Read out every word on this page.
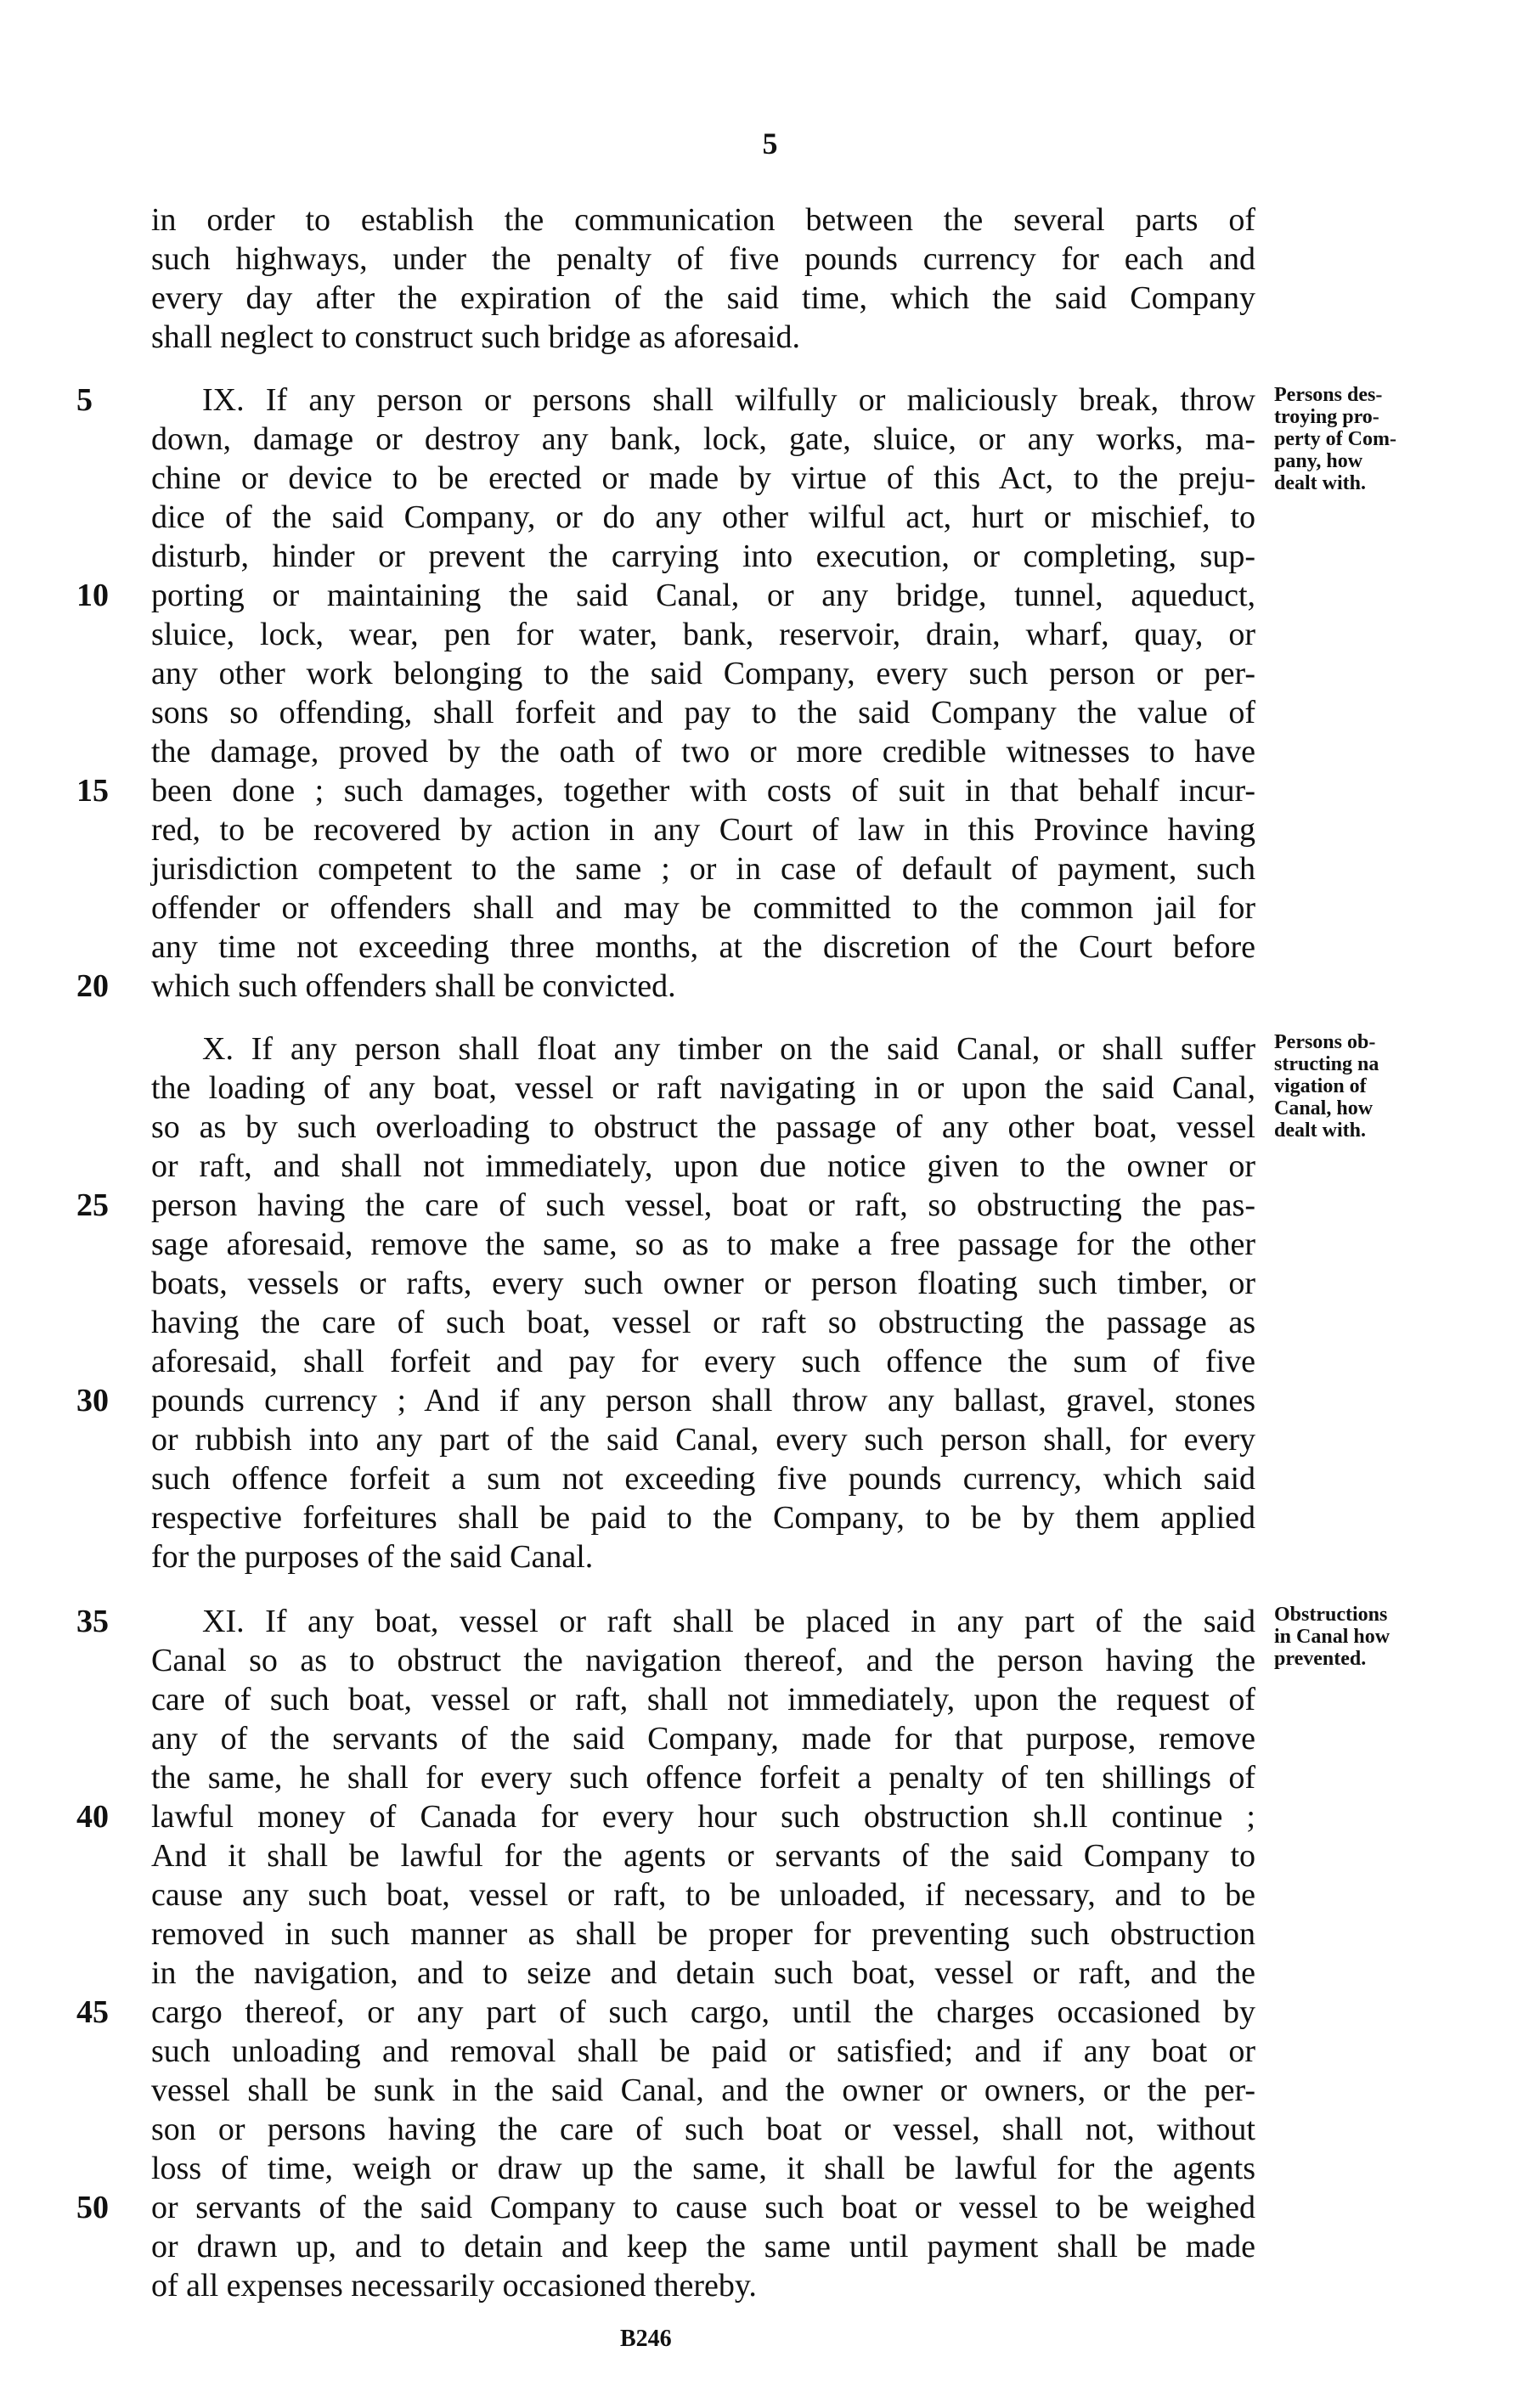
5
in order to establish the communication between the several parts of
such highways, under the penalty of five pounds currency for each and
every day after the expiration of the said time, which the said Company
shall neglect to construct such bridge as aforesaid.
5	IX. If any person or persons shall wilfully or maliciously break, throw
down, damage or destroy any bank, lock, gate, sluice, or any works, ma-
chine or device to be erected or made by virtue of this Act, to the preju-
dice of the said Company, or do any other wilful act, hurt or mischief, to
disturb, hinder or prevent the carrying into execution, or completing, sup-
10	porting or maintaining the said Canal, or any bridge, tunnel, aqueduct,
sluice, lock, wear, pen for water, bank, reservoir, drain, wharf, quay, or
any other work belonging to the said Company, every such person or per-
sons so offending, shall forfeit and pay to the said Company the value of
the damage, proved by the oath of two or more credible witnesses to have
15	been done ; such damages, together with costs of suit in that behalf incur-
red, to be recovered by action in any Court of law in this Province having
jurisdiction competent to the same ; or in case of default of payment, such
offender or offenders shall and may be committed to the common jail for
any time not exceeding three months, at the discretion of the Court before
20	which such offenders shall be convicted.
Persons des-
troying pro-
perty of Com-
pany, how
dealt with.
X. If any person shall float any timber on the said Canal, or shall suffer
the loading of any boat, vessel or raft navigating in or upon the said Canal,
so as by such overloading to obstruct the passage of any other boat, vessel
or raft, and shall not immediately, upon due notice given to the owner or
25	person having the care of such vessel, boat or raft, so obstructing the pas-
sage aforesaid, remove the same, so as to make a free passage for the other
boats, vessels or rafts, every such owner or person floating such timber, or
having the care of such boat, vessel or raft so obstructing the passage as
aforesaid, shall forfeit and pay for every such offence the sum of five
30	pounds currency ; And if any person shall throw any ballast, gravel, stones
or rubbish into any part of the said Canal, every such person shall, for every
such offence forfeit a sum not exceeding five pounds currency, which said
respective forfeitures shall be paid to the Company, to be by them applied
for the purposes of the said Canal.
Persons ob-
structing na
vigation of
Canal, how
dealt with.
35	XI. If any boat, vessel or raft shall be placed in any part of the said
Canal so as to obstruct the navigation thereof, and the person having the
care of such boat, vessel or raft, shall not immediately, upon the request of
any of the servants of the said Company, made for that purpose, remove
the same, he shall for every such offence forfeit a penalty of ten shillings of
40	lawful money of Canada for every hour such obstruction sh.ll continue ;
And it shall be lawful for the agents or servants of the said Company to
cause any such boat, vessel or raft, to be unloaded, if necessary, and to be
removed in such manner as shall be proper for preventing such obstruction
in the navigation, and to seize and detain such boat, vessel or raft, and the
45	cargo thereof, or any part of such cargo, until the charges occasioned by
such unloading and removal shall be paid or satisfied; and if any boat or
vessel shall be sunk in the said Canal, and the owner or owners, or the per-
son or persons having the care of such boat or vessel, shall not, without
loss of time, weigh or draw up the same, it shall be lawful for the agents
50	or servants of the said Company to cause such boat or vessel to be weighed
or drawn up, and to detain and keep the same until payment shall be made
of all expenses necessarily occasioned thereby.
Obstructions
in Canal how
prevented.
B246
